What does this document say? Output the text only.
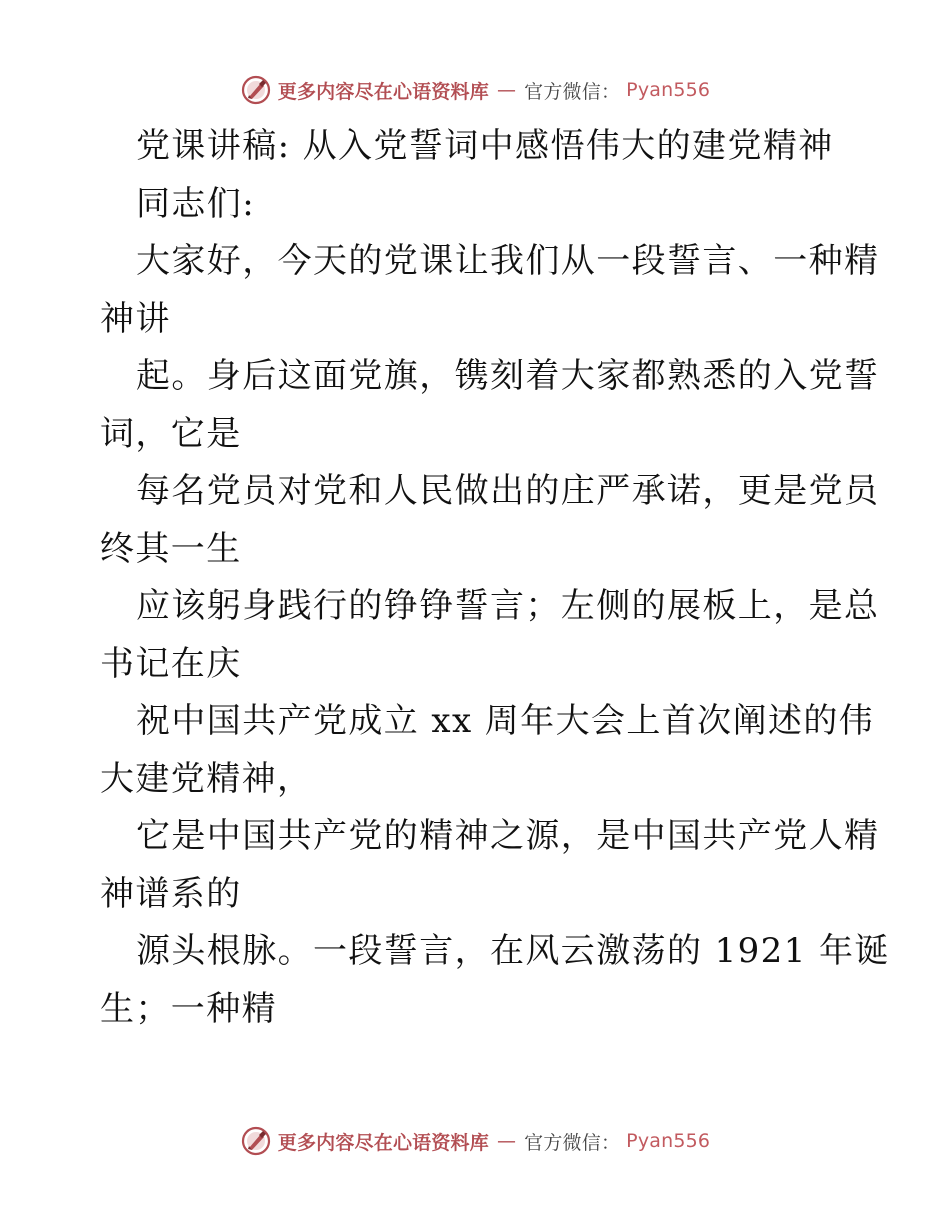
更多内容尽在心语资料库 — 官方微信： Pyan556
党课讲稿: 从入党誓词中感悟伟大的建党精神
同志们:
大家好，今天的党课让我们从一段誓言、一种精
神讲
起。身后这面党旗，镌刻着大家都熟悉的入党誓
词，它是
每名党员对党和人民做出的庄严承诺，更是党员
终其一生
应该躬身践行的铮铮誓言；左侧的展板上，是总
书记在庆
祝中国共产党成立 xx 周年大会上首次阐述的伟
大建党精神，
它是中国共产党的精神之源，是中国共产党人精
神谱系的
源头根脉。一段誓言，在风云激荡的 1921 年诞
生；一种精
更多内容尽在心语资料库 — 官方微信： Pyan556
